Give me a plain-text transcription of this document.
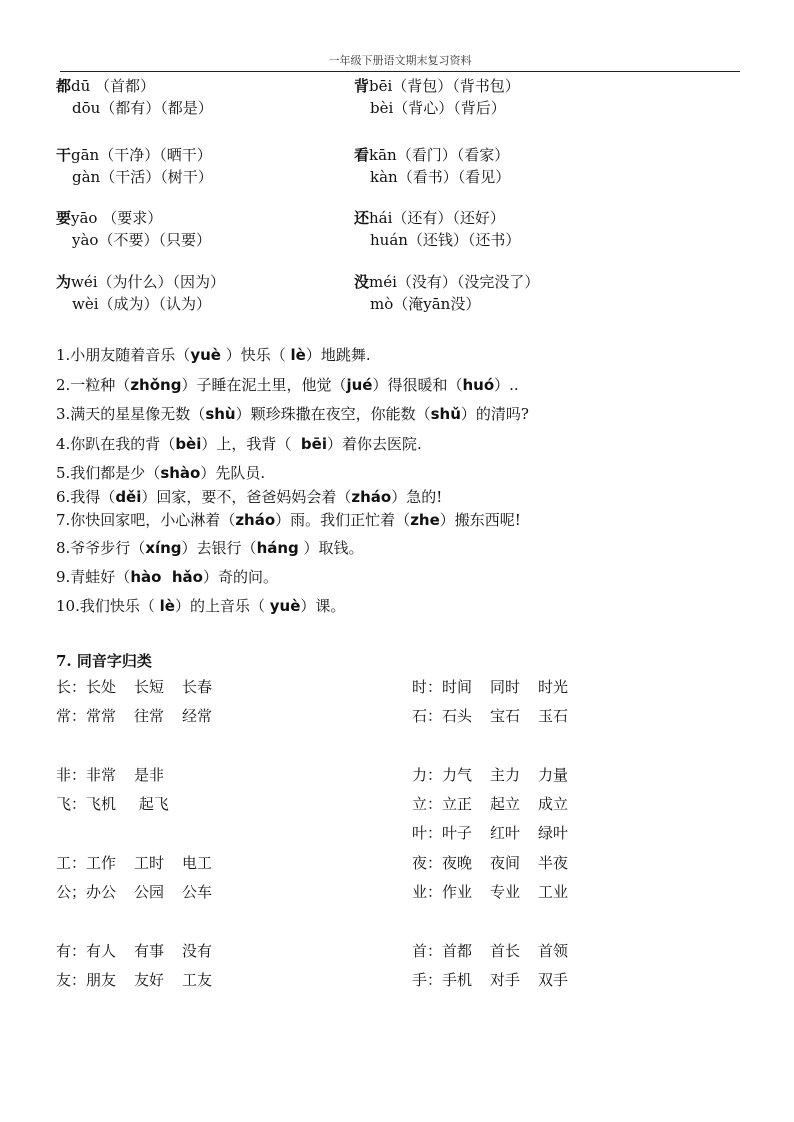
一年级下册语文期末复习资料
都dū （首都）
dōu（都有）（都是）
背bēi（背包）（背书包）
bèi（背心）（背后）
干gān（干净）（晒干）
gàn（干活）（树干）
看kān（看门）（看家）
kàn（看书）（看见）
要yāo （要求）
yào（不要）（只要）
还hái（还有）（还好）
huán（还钱）（还书）
为wéi（为什么）（因为）
wèi（成为）（认为）
没méi（没有）（没完没了）
mò（淹yān没）
1.小朋友随着音乐（yuè ）快乐（ lè）地跳舞.
2.一粒种（zhǒng）子睡在泥土里，他觉（jué）得很暖和（huó）..
3.满天的星星像无数（shù）颗珍珠撒在夜空，你能数（shǔ）的清吗?
4.你趴在我的背（bèi）上，我背（  bēi）着你去医院.
5.我们都是少（shào）先队员.
6.我得（děi）回家，要不，爸爸妈妈会着（zháo）急的!
7.你快回家吧，小心淋着（zháo）雨。我们正忙着（zhe）搬东西呢!
8.爷爷步行（xíng）去银行（háng ）取钱。
9.青蛙好（hào  hǎo）奇的问。
10.我们快乐（ lè）的上音乐（ yuè）课。
7. 同音字归类
长：长处 长短 长春
常：常常 往常 经常
非：非常 是非
飞：飞机 起飞
工：工作 工时 电工
公；办公 公园 公车
有：有人 有事 没有
友：朋友 友好 工友
时：时间 同时 时光
石：石头 宝石 玉石
力：力气 主力 力量
立：立正 起立 成立
叶：叶子 红叶 绿叶
夜：夜晚 夜间 半夜
业：作业 专业 工业
首：首都 首长 首领
手：手机 对手 双手
